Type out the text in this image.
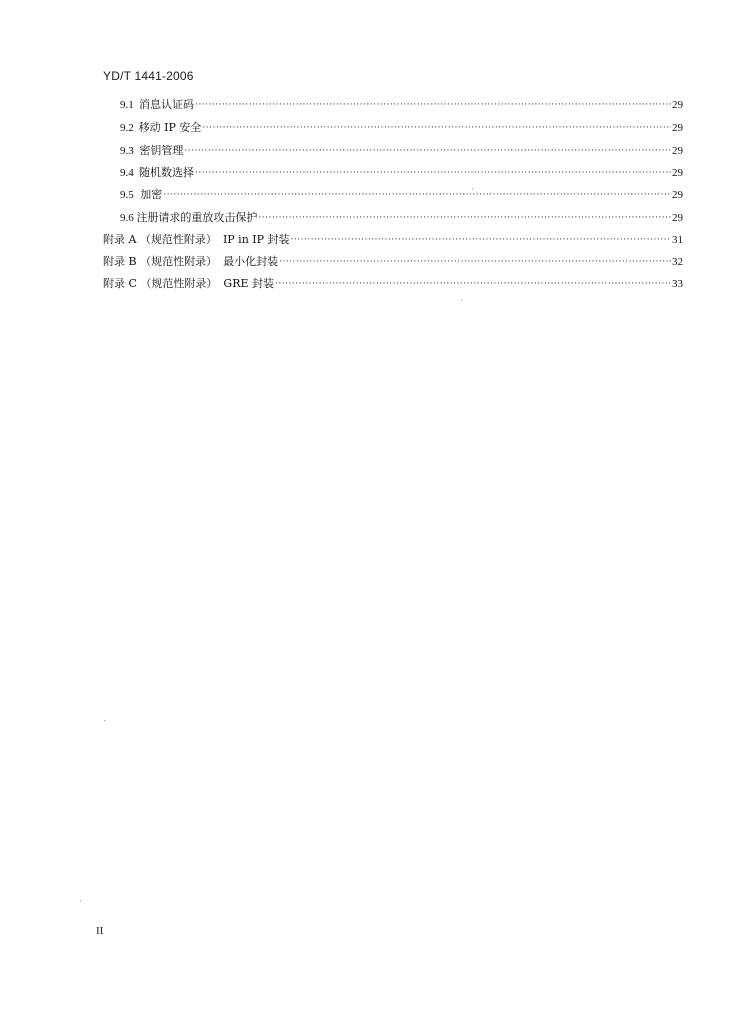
YD/T 1441-2006
9.1 消息认证码 ·····	29
9.2 移动 IP 安全 ·····	29
9.3 密钥管理 ·····	29
9.4 随机数选择 ·····	29
9.5 加密 ·····	29
9.6 注册请求的重放攻击保护 ·····	29
附录 A （规范性附录） IP in IP 封装 ·····	31
附录 B （规范性附录） 最小化封装 ·····	32
附录 C （规范性附录） GRE 封装 ·····	33
II
